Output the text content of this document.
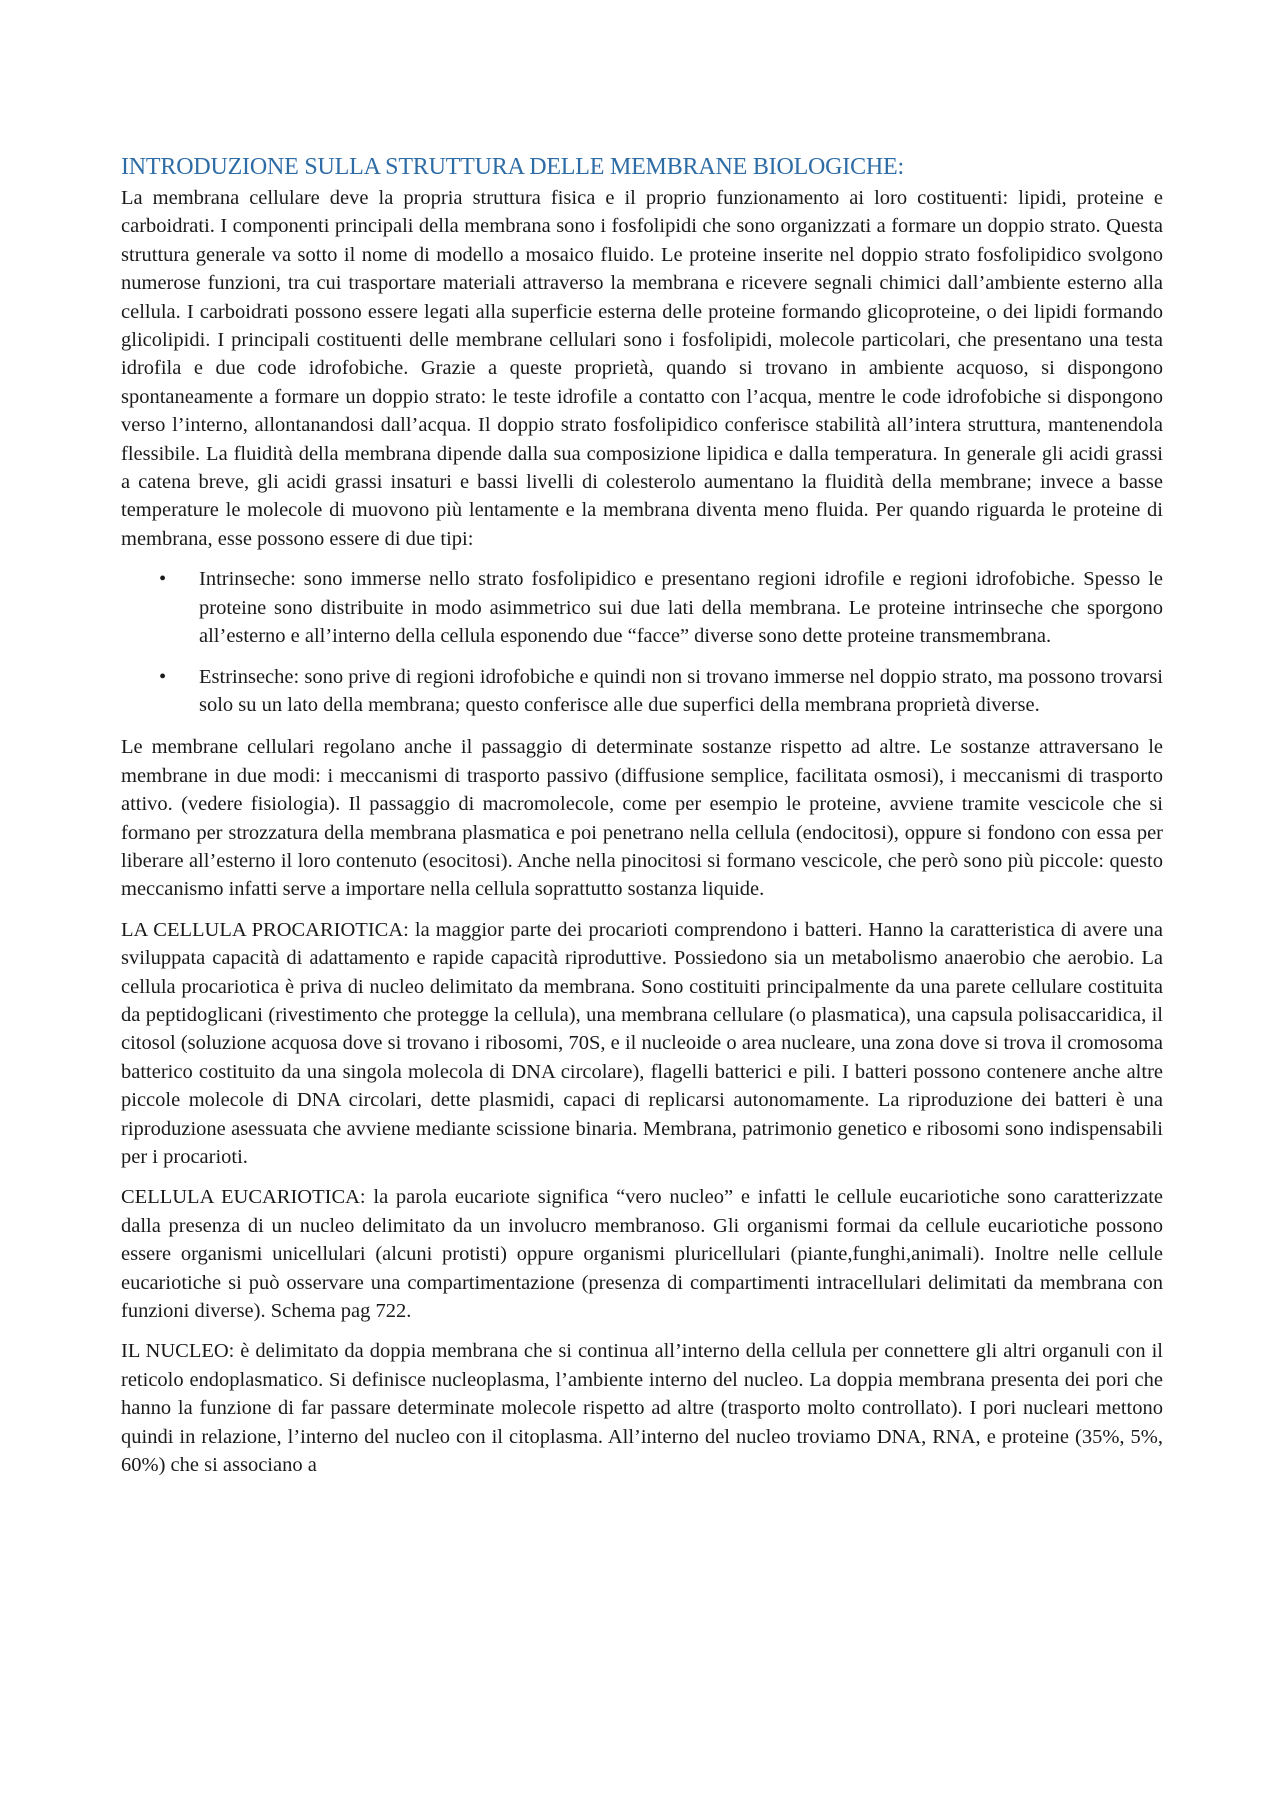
INTRODUZIONE SULLA STRUTTURA DELLE MEMBRANE BIOLOGICHE:

La membrana cellulare deve la propria struttura fisica e il proprio funzionamento ai loro costituenti: lipidi, proteine e carboidrati. I componenti principali della membrana sono i fosfolipidi che sono organizzati a formare un doppio strato. Questa struttura generale va sotto il nome di modello a mosaico fluido. Le proteine inserite nel doppio strato fosfolipidico svolgono numerose funzioni, tra cui trasportare materiali attraverso la membrana e ricevere segnali chimici dall’ambiente esterno alla cellula. I carboidrati possono essere legati alla superficie esterna delle proteine formando glicoproteine, o dei lipidi formando glicolipidi. I principali costituenti delle membrane cellulari sono i fosfolipidi, molecole particolari, che presentano una testa idrofila e due code idrofobiche. Grazie a queste proprietà, quando si trovano in ambiente acquoso, si dispongono spontaneamente a formare un doppio strato: le teste idrofile a contatto con l’acqua, mentre le code idrofobiche si dispongono verso l’interno, allontanandosi dall’acqua. Il doppio strato fosfolipidico conferisce stabilità all’intera struttura, mantenendola flessibile. La fluidità della membrana dipende dalla sua composizione lipidica e dalla temperatura. In generale gli acidi grassi a catena breve, gli acidi grassi insaturi e bassi livelli di colesterolo aumentano la fluidità della membrane; invece a basse temperature le molecole di muovono più lentamente e la membrana diventa meno fluida. Per quando riguarda le proteine di membrana, esse possono essere di due tipi:

• Intrinseche: sono immerse nello strato fosfolipidico e presentano regioni idrofile e regioni idrofobiche. Spesso le proteine sono distribuite in modo asimmetrico sui due lati della membrana. Le proteine intrinseche che sporgono all’esterno e all’interno della cellula esponendo due “facce” diverse sono dette proteine transmembrana.
• Estrinseche: sono prive di regioni idrofobiche e quindi non si trovano immerse nel doppio strato, ma possono trovarsi solo su un lato della membrana; questo conferisce alle due superfici della membrana proprietà diverse.

Le membrane cellulari regolano anche il passaggio di determinate sostanze rispetto ad altre. Le sostanze attraversano le membrane in due modi: i meccanismi di trasporto passivo (diffusione semplice, facilitata osmosi), i meccanismi di trasporto attivo. (vedere fisiologia). Il passaggio di macromolecole, come per esempio le proteine, avviene tramite vescicole che si formano per strozzatura della membrana plasmatica e poi penetrano nella cellula (endocitosi), oppure si fondono con essa per liberare all’esterno il loro contenuto (esocitosi). Anche nella pinocitosi si formano vescicole, che però sono più piccole: questo meccanismo infatti serve a importare nella cellula soprattutto sostanza liquide.

LA CELLULA PROCARIOTICA: la maggior parte dei procarioti comprendono i batteri. Hanno la caratteristica di avere una sviluppata capacità di adattamento e rapide capacità riproduttive. Possiedono sia un metabolismo anaerobio che aerobio. La cellula procariotica è priva di nucleo delimitato da membrana. Sono costituiti principalmente da una parete cellulare costituita da peptidoglicani (rivestimento che protegge la cellula), una membrana cellulare (o plasmatica), una capsula polisaccaridica, il citosol (soluzione acquosa dove si trovano i ribosomi, 70S, e il nucleoide o area nucleare, una zona dove si trova il cromosoma batterico costituito da una singola molecola di DNA circolare), flagelli batterici e pili. I batteri possono contenere anche altre piccole molecole di DNA circolari, dette plasmidi, capaci di replicarsi autonomamente. La riproduzione dei batteri è una riproduzione asessuata che avviene mediante scissione binaria. Membrana, patrimonio genetico e ribosomi sono indispensabili per i procarioti.

CELLULA EUCARIOTICA: la parola eucariote significa “vero nucleo” e infatti le cellule eucariotiche sono caratterizzate dalla presenza di un nucleo delimitato da un involucro membranoso. Gli organismi formai da cellule eucariotiche possono essere organismi unicellulari (alcuni protisti) oppure organismi pluricellulari (piante,funghi,animali). Inoltre nelle cellule eucariotiche si può osservare una compartimentazione (presenza di compartimenti intracellulari delimitati da membrana con funzioni diverse). Schema pag 722.

IL NUCLEO: è delimitato da doppia membrana che si continua all’interno della cellula per connettere gli altri organuli con il reticolo endoplasmatico. Si definisce nucleoplasma, l’ambiente interno del nucleo. La doppia membrana presenta dei pori che hanno la funzione di far passare determinate molecole rispetto ad altre (trasporto molto controllato). I pori nucleari mettono quindi in relazione, l’interno del nucleo con il citoplasma. All’interno del nucleo troviamo DNA, RNA, e proteine (35%, 5%, 60%) che si associano a
